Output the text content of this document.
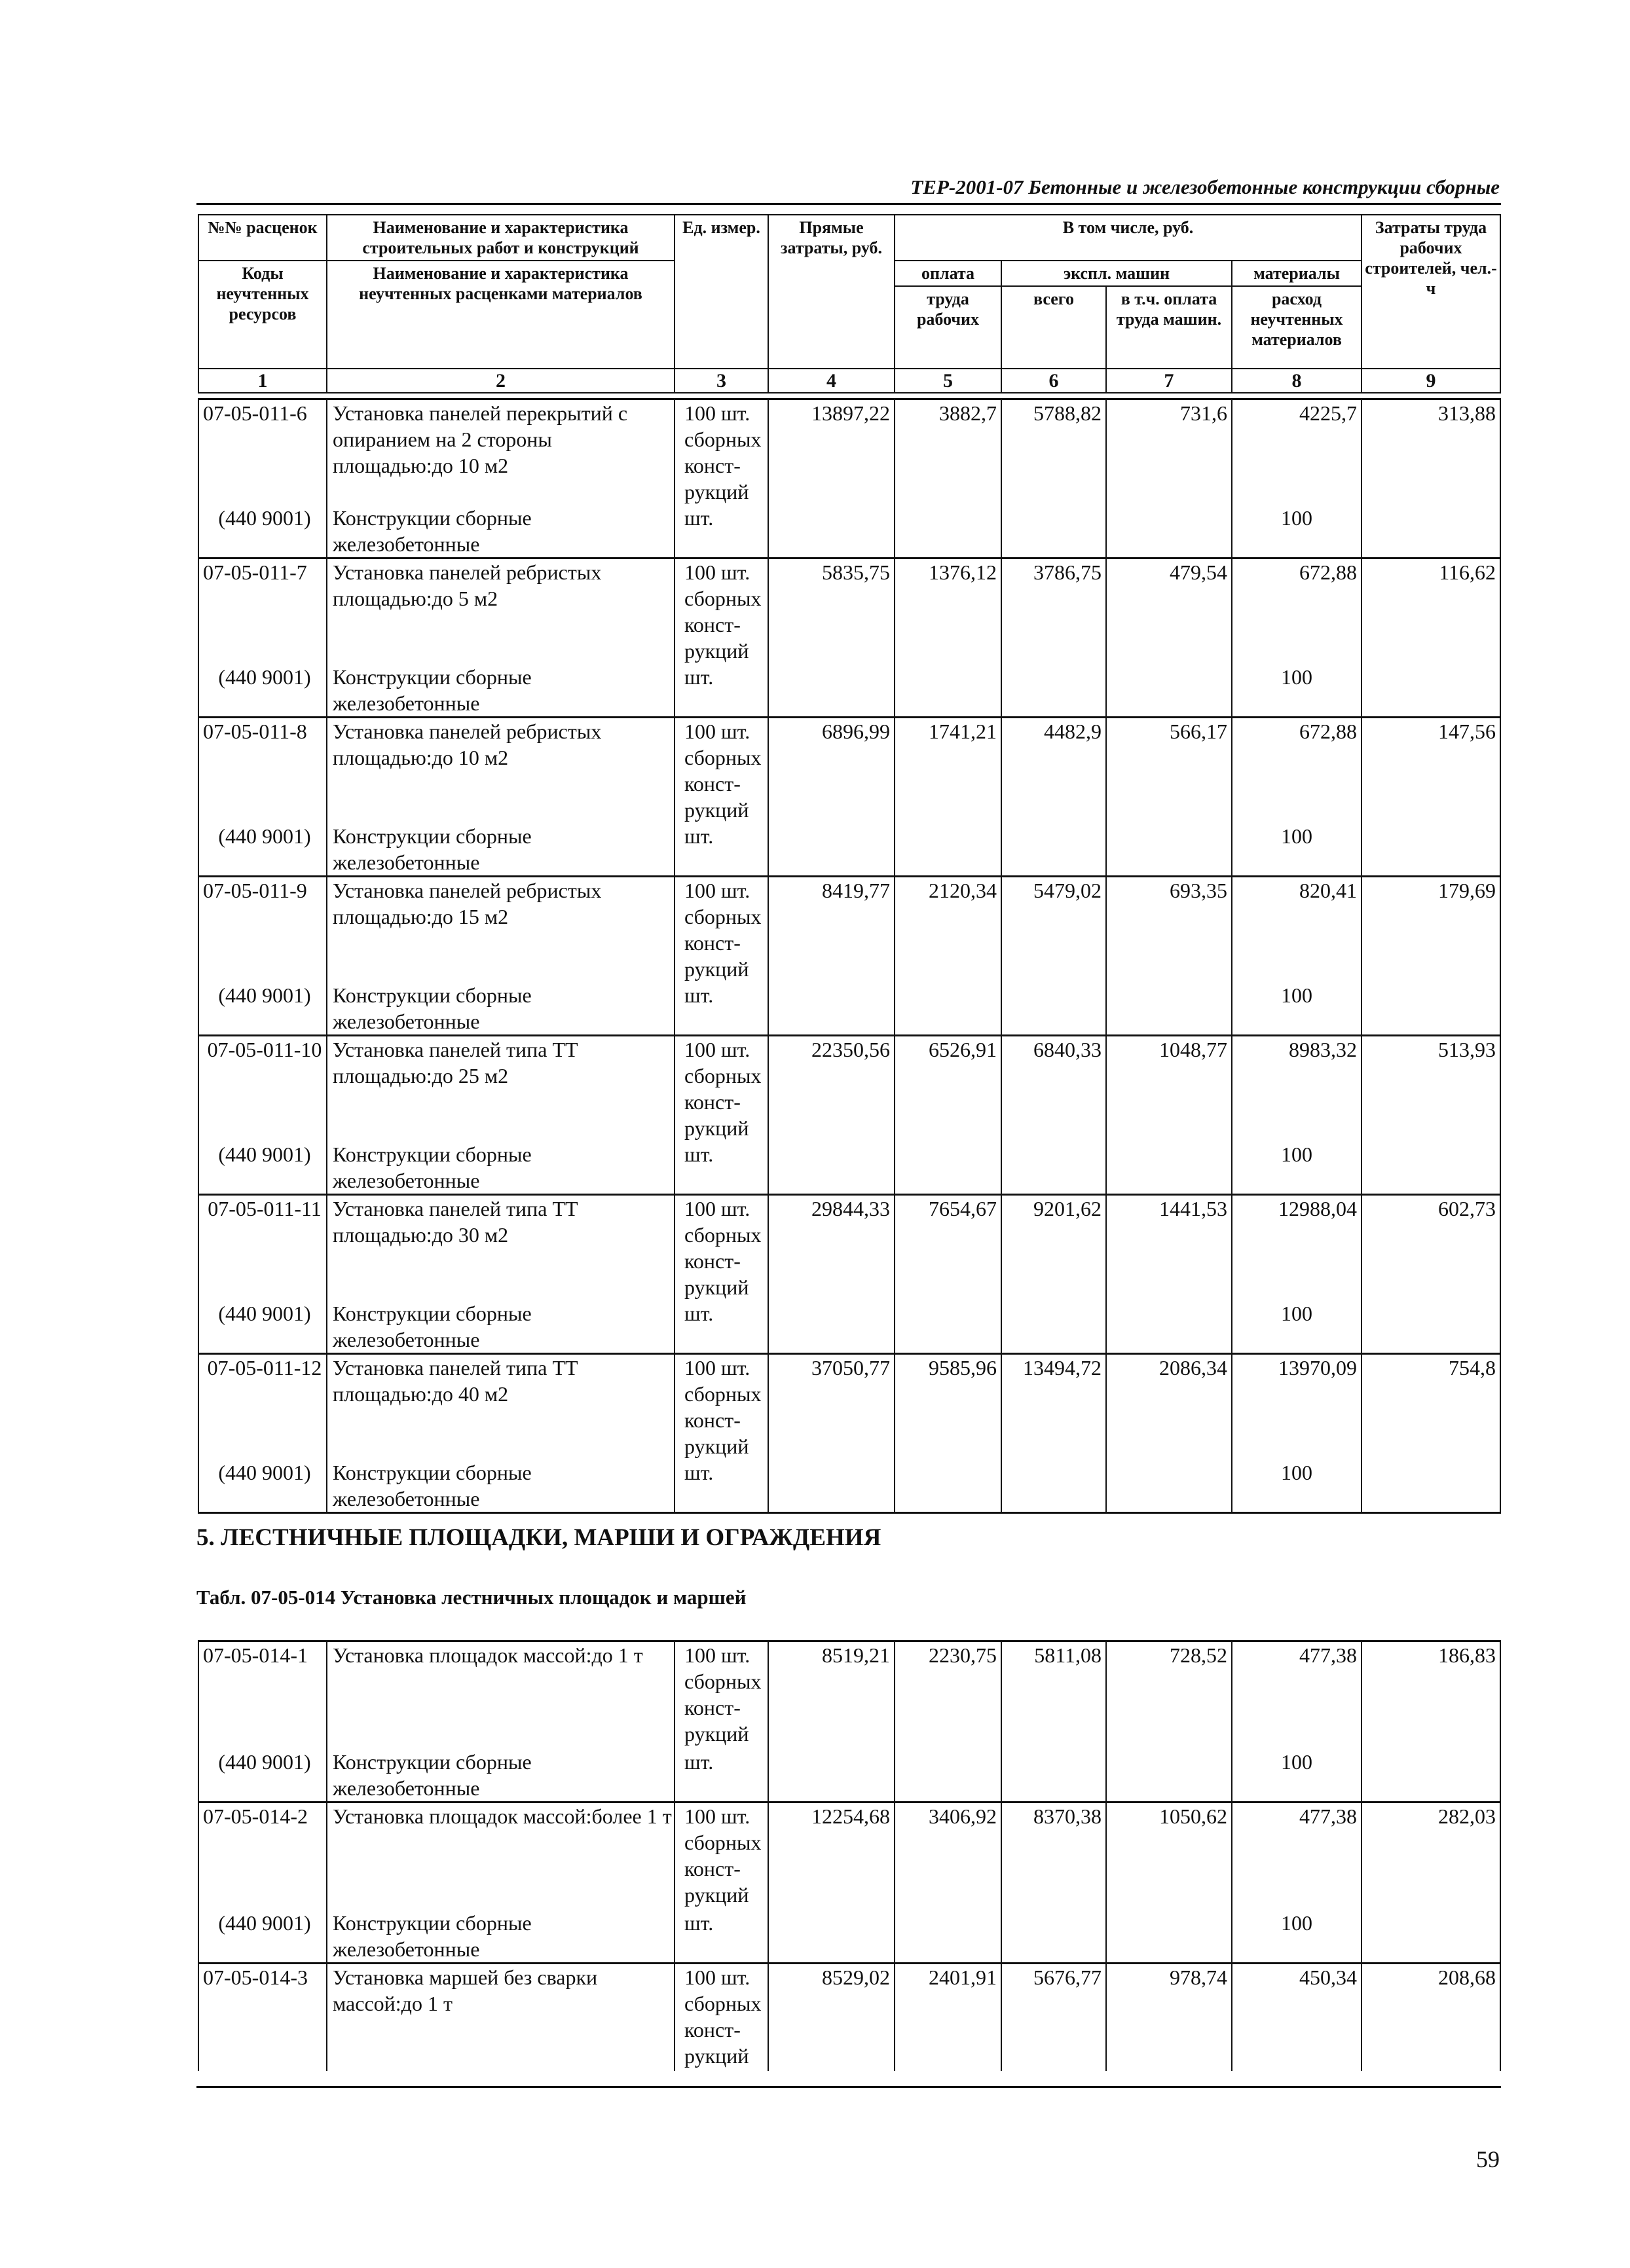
ТЕР-2001-07 Бетонные и железобетонные конструкции сборные
№№ расценок	Наименование и характеристика строительных работ и конструкций	Ед. измер.	Прямые затраты, руб.	В том числе, руб.				Затраты труда рабочих строителей, чел.-ч
Коды неучтенных ресурсов	Наименование и характеристика неучтенных расценками материалов			оплата	экспл. машин		материалы	
				труда рабочих	всего	в т.ч. оплата труда машин.	расход неучтенных материалов	
1	2	3	4	5	6	7	8	9
07-05-011-6	Установка панелей перекрытий с опиранием на 2 стороны площадью:до 10 м2	100 шт. сборных конст-рукций	13897,22	3882,7	5788,82	731,6	4225,7	313,88
(440 9001)	Конструкции сборные железобетонные	шт.					100	
07-05-011-7	Установка панелей ребристых площадью:до 5 м2	100 шт. сборных конст-рукций	5835,75	1376,12	3786,75	479,54	672,88	116,62
(440 9001)	Конструкции сборные железобетонные	шт.					100	
07-05-011-8	Установка панелей ребристых площадью:до 10 м2	100 шт. сборных конст-рукций	6896,99	1741,21	4482,9	566,17	672,88	147,56
(440 9001)	Конструкции сборные железобетонные	шт.					100	
07-05-011-9	Установка панелей ребристых площадью:до 15 м2	100 шт. сборных конст-рукций	8419,77	2120,34	5479,02	693,35	820,41	179,69
(440 9001)	Конструкции сборные железобетонные	шт.					100	
07-05-011-10	Установка панелей типа ТТ площадью:до 25 м2	100 шт. сборных конст-рукций	22350,56	6526,91	6840,33	1048,77	8983,32	513,93
(440 9001)	Конструкции сборные железобетонные	шт.					100	
07-05-011-11	Установка панелей типа ТТ площадью:до 30 м2	100 шт. сборных конст-рукций	29844,33	7654,67	9201,62	1441,53	12988,04	602,73
(440 9001)	Конструкции сборные железобетонные	шт.					100	
07-05-011-12	Установка панелей типа ТТ площадью:до 40 м2	100 шт. сборных конст-рукций	37050,77	9585,96	13494,72	2086,34	13970,09	754,8
(440 9001)	Конструкции сборные железобетонные	шт.					100	
5. ЛЕСТНИЧНЫЕ ПЛОЩАДКИ, МАРШИ И ОГРАЖДЕНИЯ
Табл. 07-05-014 Установка лестничных площадок и маршей
07-05-014-1	Установка площадок массой:до 1 т	100 шт. сборных конст-рукций	8519,21	2230,75	5811,08	728,52	477,38	186,83
(440 9001)	Конструкции сборные железобетонные	шт.					100	
07-05-014-2	Установка площадок массой:более 1 т	100 шт. сборных конст-рукций	12254,68	3406,92	8370,38	1050,62	477,38	282,03
(440 9001)	Конструкции сборные железобетонные	шт.					100	
07-05-014-3	Установка маршей без сварки массой:до 1 т	100 шт. сборных конст-рукций	8529,02	2401,91	5676,77	978,74	450,34	208,68
59
